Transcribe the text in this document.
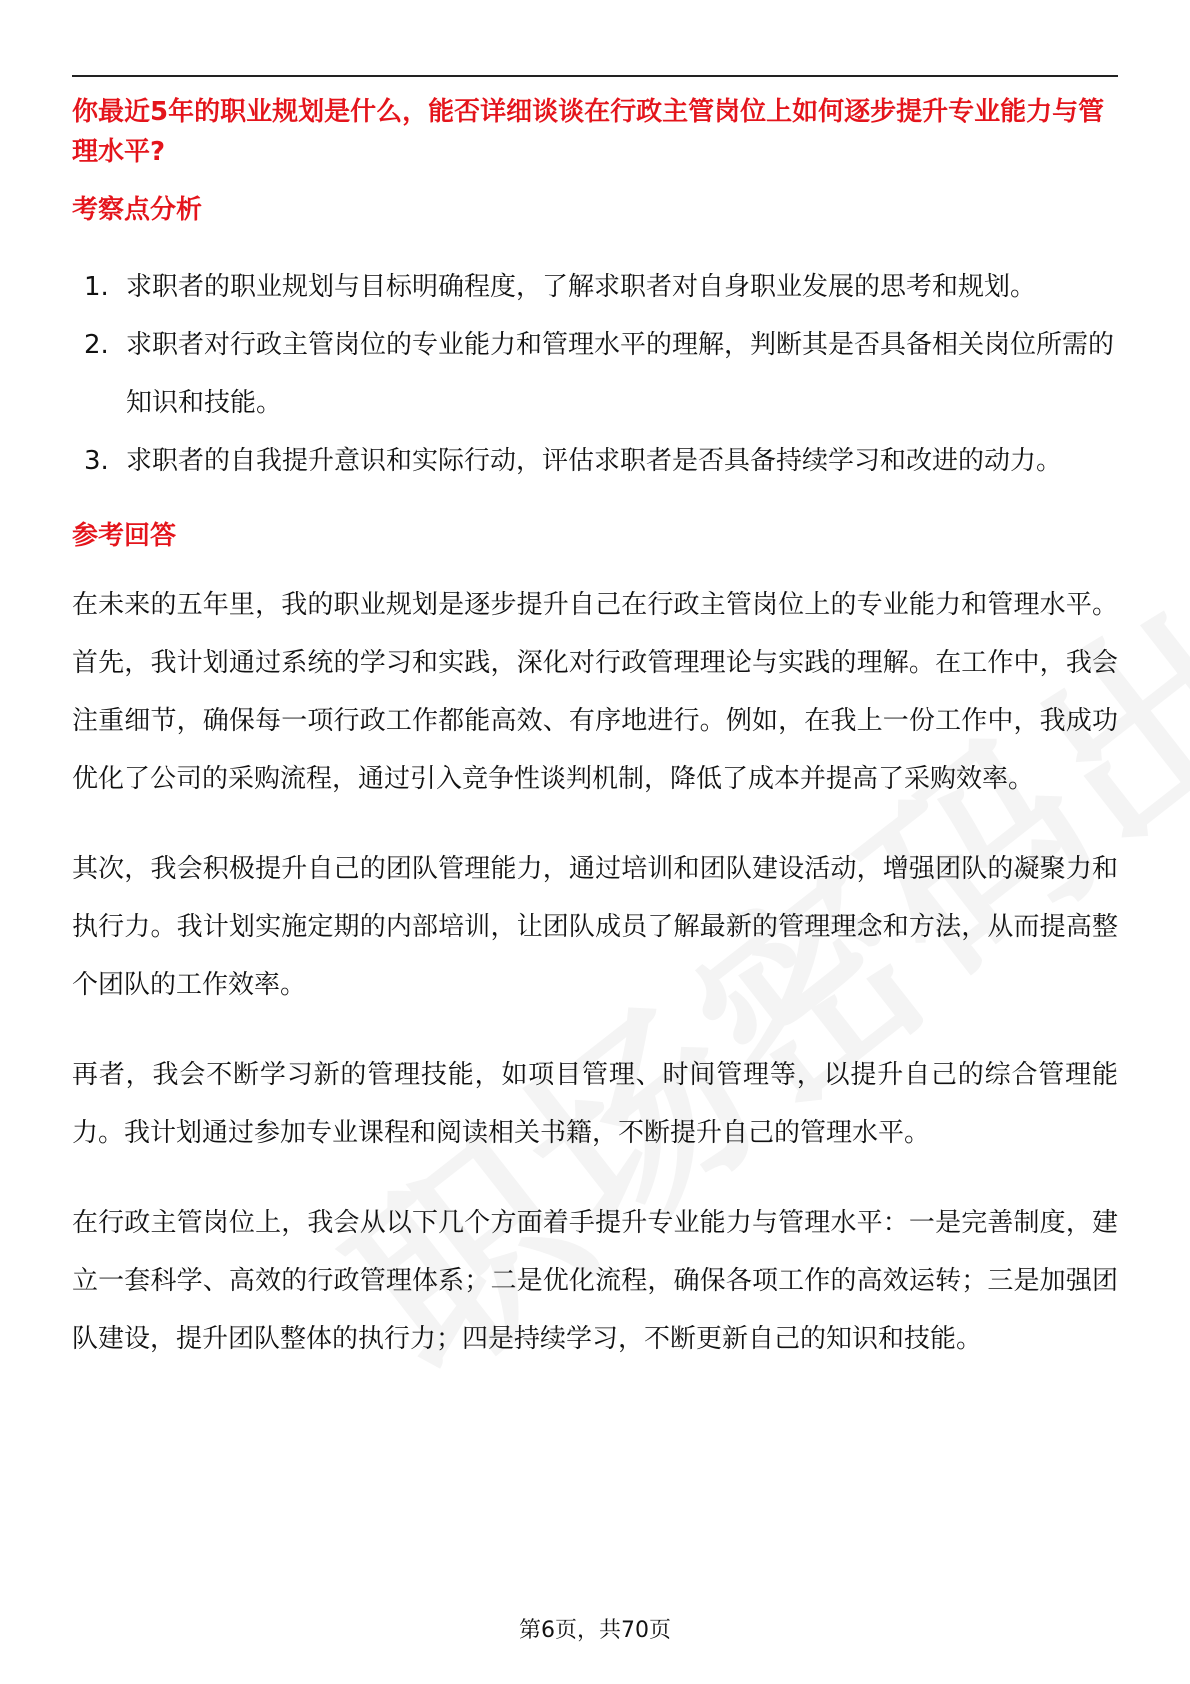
你最近5年的职业规划是什么，能否详细谈谈在行政主管岗位上如何逐步提升专业能力与管理水平?

考察点分析
1. 求职者的职业规划与目标明确程度，了解求职者对自身职业发展的思考和规划。
2. 求职者对行政主管岗位的专业能力和管理水平的理解，判断其是否具备相关岗位所需的知识和技能。
3. 求职者的自我提升意识和实际行动，评估求职者是否具备持续学习和改进的动力。
参考回答

在未来的五年里，我的职业规划是逐步提升自己在行政主管岗位上的专业能力和管理水平。首先，我计划通过系统的学习和实践，深化对行政管理理论与实践的理解。在工作中，我会注重细节，确保每一项行政工作都能高效、有序地进行。例如，在我上一份工作中，我成功优化了公司的采购流程，通过引入竞争性谈判机制，降低了成本并提高了采购效率。

其次，我会积极提升自己的团队管理能力，通过培训和团队建设活动，增强团队的凝聚力和执行力。我计划实施定期的内部培训，让团队成员了解最新的管理理念和方法，从而提高整个团队的工作效率。

再者，我会不断学习新的管理技能，如项目管理、时间管理等，以提升自己的综合管理能力。我计划通过参加专业课程和阅读相关书籍，不断提升自己的管理水平。

在行政主管岗位上，我会从以下几个方面着手提升专业能力与管理水平：一是完善制度，建立一套科学、高效的行政管理体系；二是优化流程，确保各项工作的高效运转；三是加强团队建设，提升团队整体的执行力；四是持续学习，不断更新自己的知识和技能。

第6页，共70页
